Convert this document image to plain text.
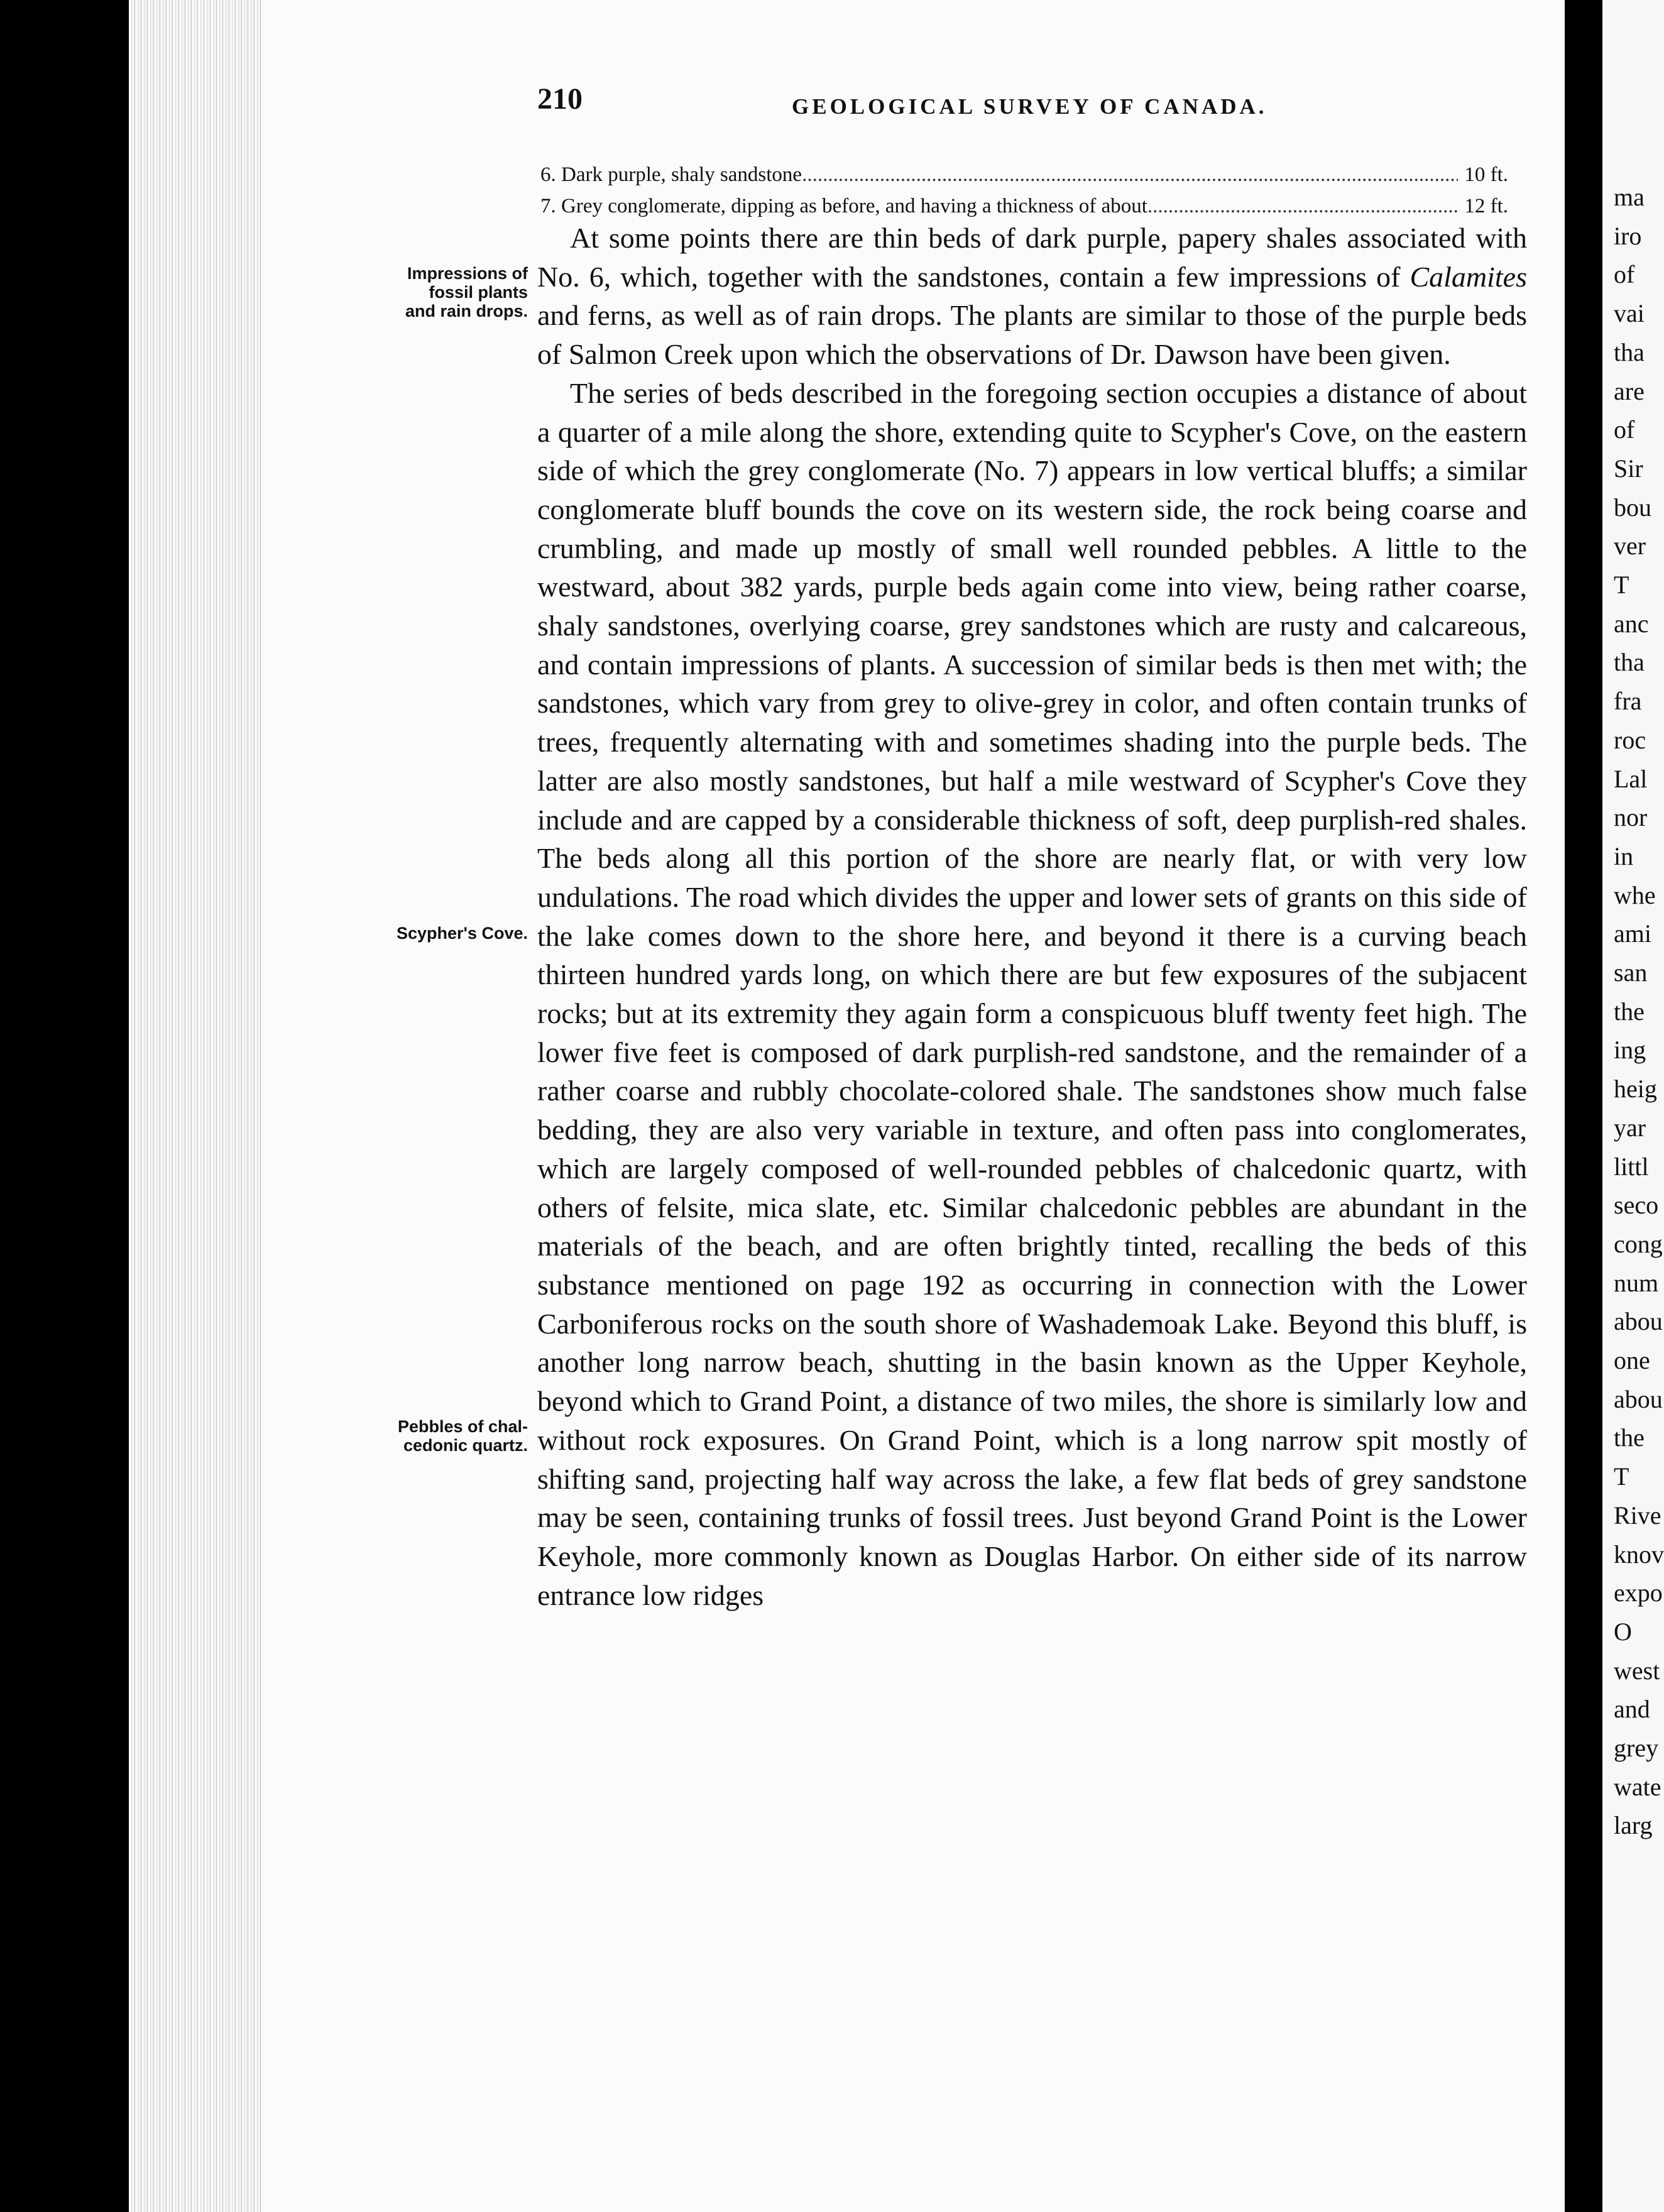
210	GEOLOGICAL SURVEY OF CANADA.
6. Dark purple, shaly sandstone .....	10 ft.
7. Grey conglomerate, dipping as before, and having a thickness of about .....	12 ft.
Impressions of
fossil plants
and rain drops.
Scypher's Cove.
Pebbles of chal-
cedonic quartz.

At some points there are thin beds of dark purple, papery shales associated with No. 6, which, together with the sandstones, contain a few impressions of Calamites and ferns, as well as of rain drops. The plants are similar to those of the purple beds of Salmon Creek upon which the observations of Dr. Dawson have been given.

The series of beds described in the foregoing section occupies a distance of about a quarter of a mile along the shore, extending quite to Scypher's Cove, on the eastern side of which the grey conglomerate (No. 7) appears in low vertical bluffs; a similar conglomerate bluff bounds the cove on its western side, the rock being coarse and crumbling, and made up mostly of small well rounded pebbles. A little to the westward, about 382 yards, purple beds again come into view, being rather coarse, shaly sandstones, overlying coarse, grey sandstones which are rusty and calcareous, and contain impressions of plants. A succession of similar beds is then met with; the sandstones, which vary from grey to olive-grey in color, and often contain trunks of trees, frequently alternating with and sometimes shading into the purple beds. The latter are also mostly sandstones, but half a mile westward of Scypher's Cove they include and are capped by a considerable thickness of soft, deep purplish-red shales. The beds along all this portion of the shore are nearly flat, or with very low undulations. The road which divides the upper and lower sets of grants on this side of the lake comes down to the shore here, and beyond it there is a curving beach thirteen hundred yards long, on which there are but few exposures of the subjacent rocks; but at its extremity they again form a conspicuous bluff twenty feet high. The lower five feet is composed of dark purplish-red sandstone, and the remainder of a rather coarse and rubbly chocolate-colored shale. The sandstones show much false bedding, they are also very variable in texture, and often pass into conglomerates, which are largely composed of well-rounded pebbles of chalcedonic quartz, with others of felsite, mica slate, etc. Similar chalcedonic pebbles are abundant in the materials of the beach, and are often brightly tinted, recalling the beds of this substance mentioned on page 192 as occurring in connection with the Lower Carboniferous rocks on the south shore of Washademoak Lake. Beyond this bluff, is another long narrow beach, shutting in the basin known as the Upper Keyhole, beyond which to Grand Point, a distance of two miles, the shore is similarly low and without rock exposures. On Grand Point, which is a long narrow spit mostly of shifting sand, projecting half way across the lake, a few flat beds of grey sandstone may be seen, containing trunks of fossil trees. Just beyond Grand Point is the Lower Keyhole, more commonly known as Douglas Harbor. On either side of its narrow entrance low ridges

ma
iro
of
vai
tha
are
of
Sir
bou
ver
T
anc
tha
fra
roc
Lal
nor
in
whe
ami
san
the
ing
heig
yar
littl
seco
cong
num
abou
one
abou
the
T
Rive
knov
expo
O
west
and
grey
wate
larg
